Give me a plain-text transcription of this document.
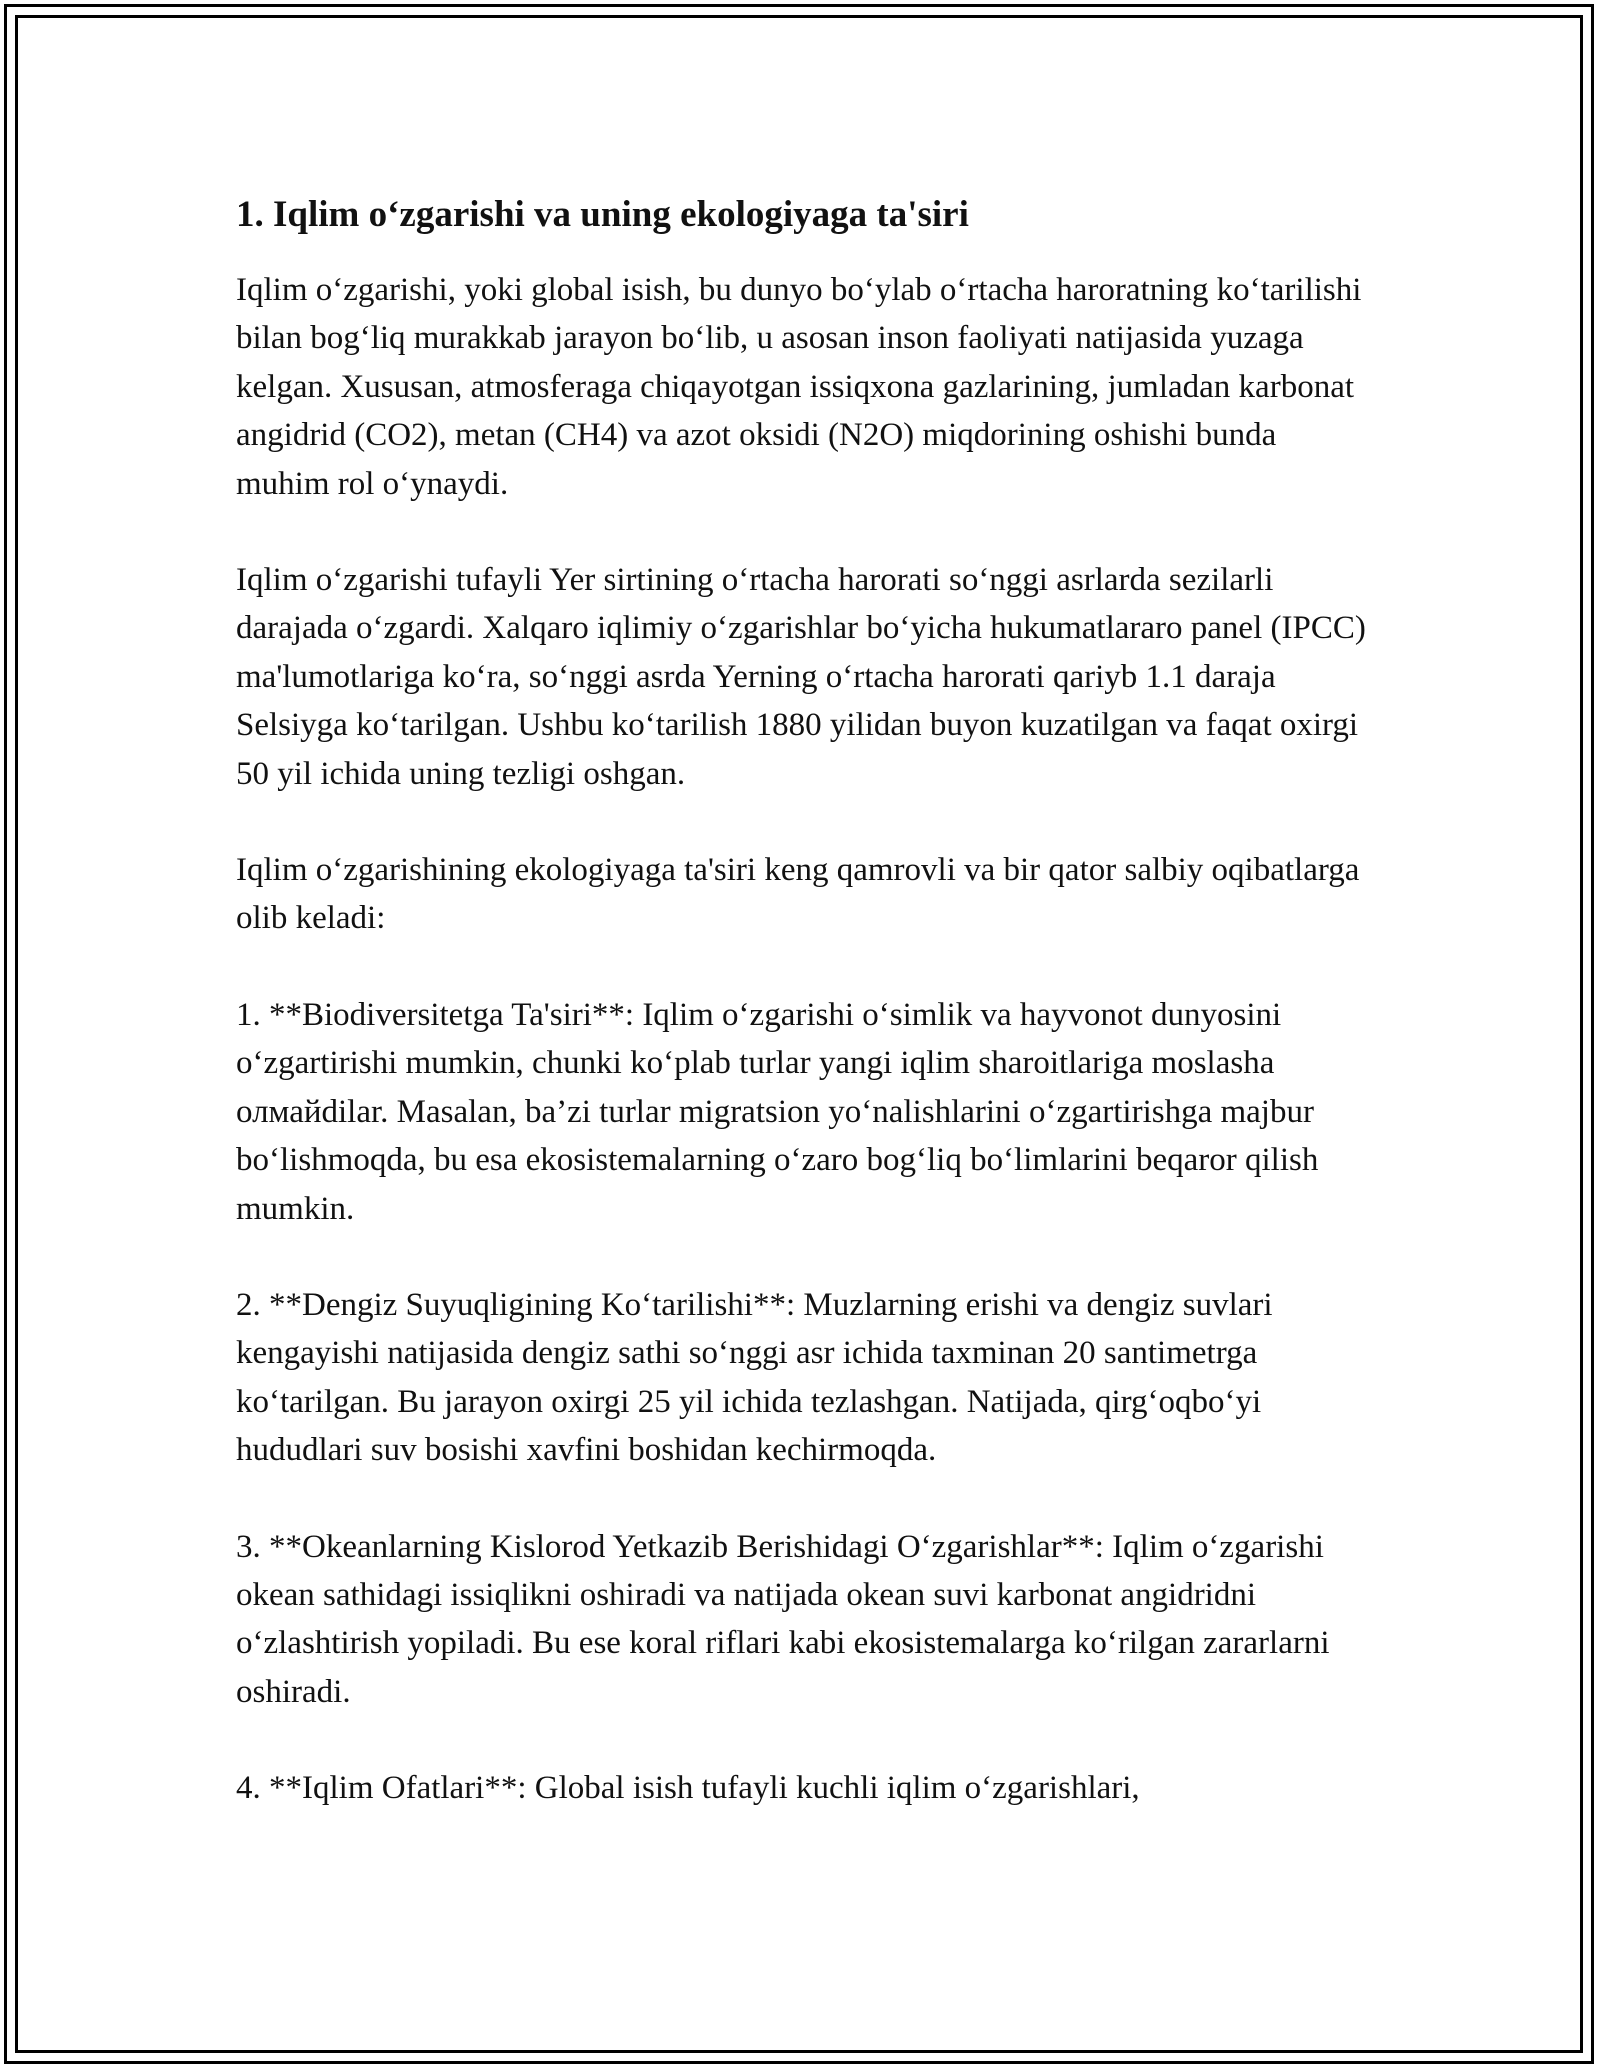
1. Iqlim o‘zgarishi va uning ekologiyaga ta'siri

Iqlim o‘zgarishi, yoki global isish, bu dunyo bo‘ylab o‘rtacha haroratning ko‘tarilishi bilan bog‘liq murakkab jarayon bo‘lib, u asosan inson faoliyati natijasida yuzaga kelgan. Xususan, atmosferaga chiqayotgan issiqxona gazlarining, jumladan karbonat angidrid (CO2), metan (CH4) va azot oksidi (N2O) miqdorining oshishi bunda muhim rol o‘ynaydi.

Iqlim o‘zgarishi tufayli Yer sirtining o‘rtacha harorati so‘nggi asrlarda sezilarli darajada o‘zgardi. Xalqaro iqlimiy o‘zgarishlar bo‘yicha hukumatlararo panel (IPCC) ma'lumotlariga ko‘ra, so‘nggi asrda Yerning o‘rtacha harorati qariyb 1.1 daraja Selsiyga ko‘tarilgan. Ushbu ko‘tarilish 1880 yilidan buyon kuzatilgan va faqat oxirgi 50 yil ichida uning tezligi oshgan.

Iqlim o‘zgarishining ekologiyaga ta'siri keng qamrovli va bir qator salbiy oqibatlarga olib keladi:

1. **Biodiversitetga Ta'siri**: Iqlim o‘zgarishi o‘simlik va hayvonot dunyosini o‘zgartirishi mumkin, chunki ko‘plab turlar yangi iqlim sharoitlariga moslasha олмайdilar. Masalan, ba’zi turlar migratsion yo‘nalishlarini o‘zgartirishga majbur bo‘lishmoqda, bu esa ekosistemalarning o‘zaro bog‘liq bo‘limlarini beqaror qilish mumkin.

2. **Dengiz Suyuqligining Ko‘tarilishi**: Muzlarning erishi va dengiz suvlari kengayishi natijasida dengiz sathi so‘nggi asr ichida taxminan 20 santimetrga ko‘tarilgan. Bu jarayon oxirgi 25 yil ichida tezlashgan. Natijada, qirg‘oqbo‘yi hududlari suv bosishi xavfini boshidan kechirmoqda.

3. **Okeanlarning Kislorod Yetkazib Berishidagi O‘zgarishlar**: Iqlim o‘zgarishi okean sathidagi issiqlikni oshiradi va natijada okean suvi karbonat angidridni o‘zlashtirish yopiladi. Bu ese koral riflari kabi ekosistemalarga ko‘rilgan zararlarni oshiradi.

4. **Iqlim Ofatlari**: Global isish tufayli kuchli iqlim o‘zgarishlari,
